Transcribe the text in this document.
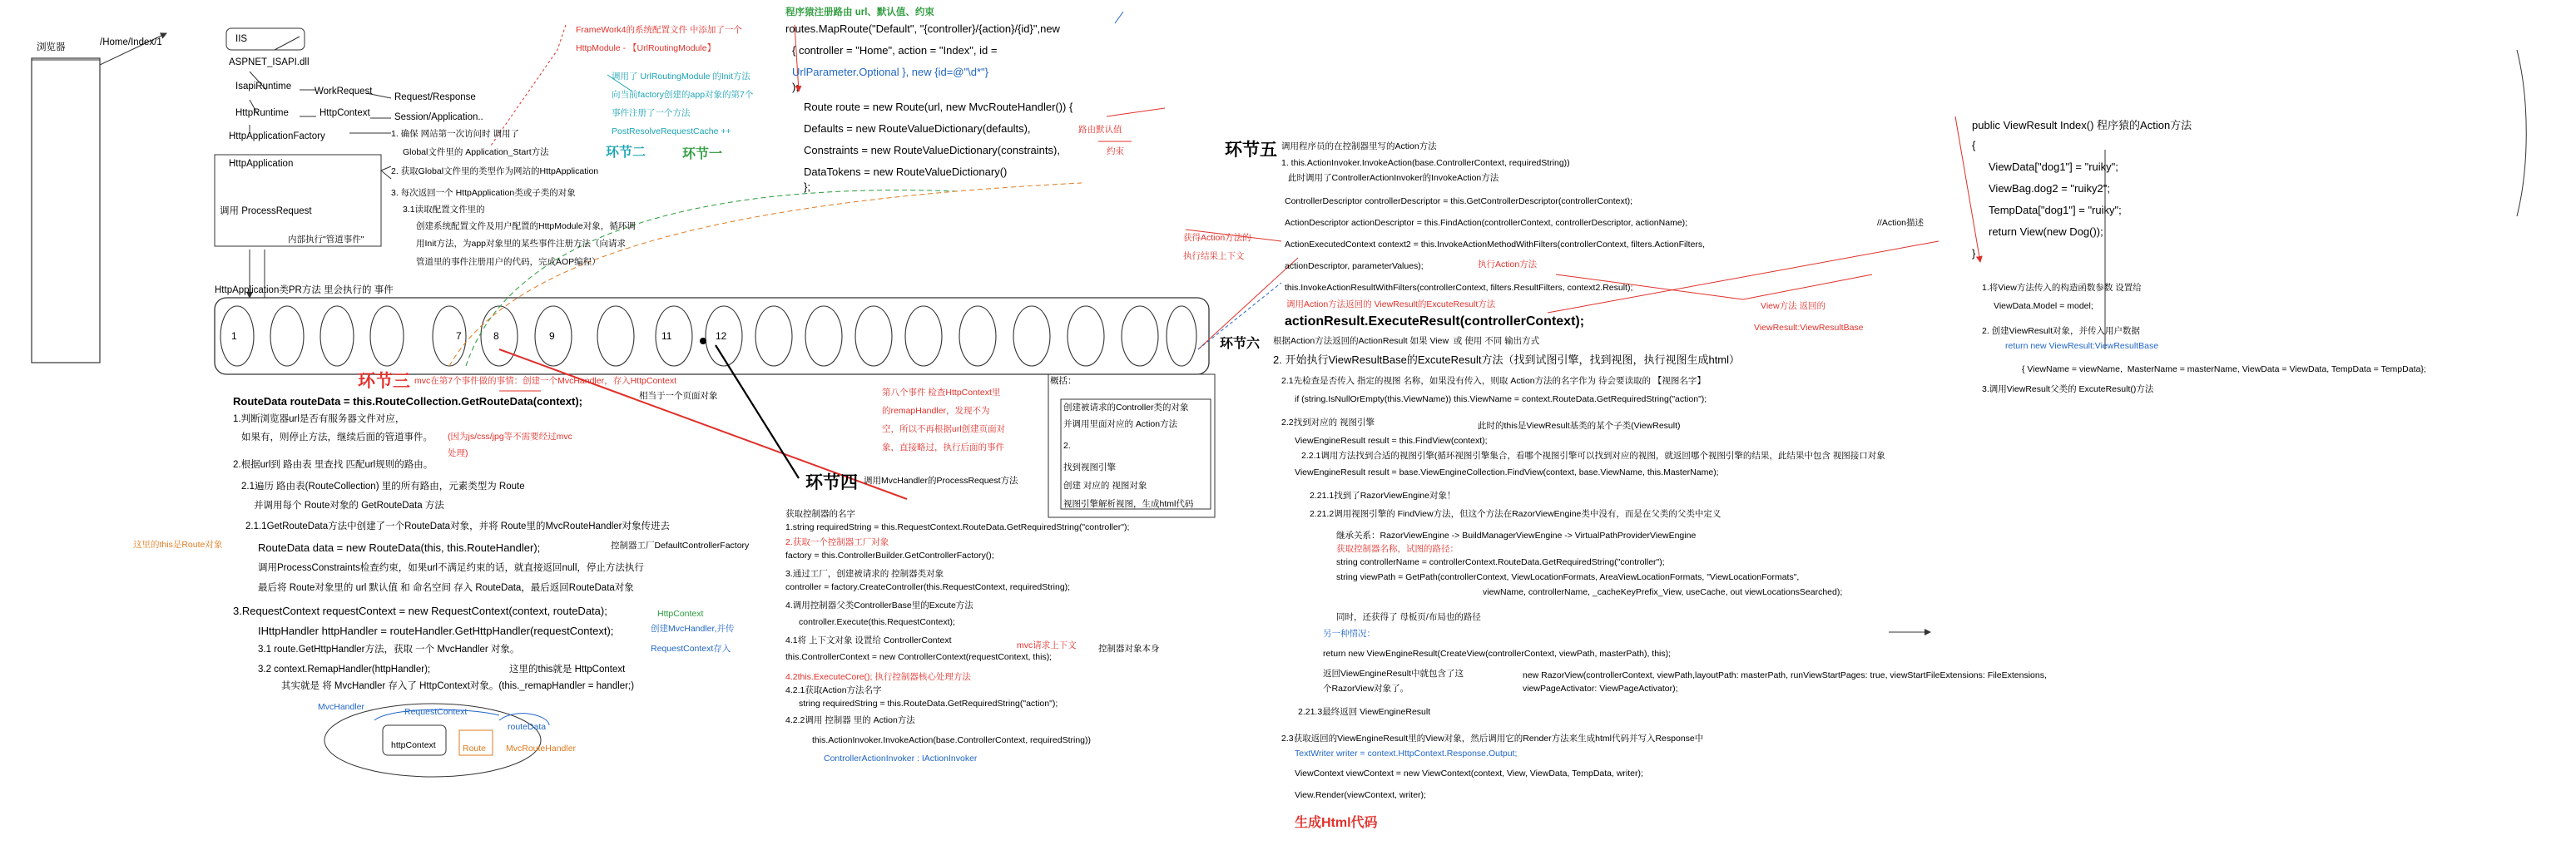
浏览器	/Home/Index/1	IIS
ASPNET_ISAPI.dll
IsapiRuntime WorkRequest
Request/Response
HttpRuntime	HttpContext	Session/Application..
HttpApplicationFactory	1. 确保 网站第一次访问时 调用了
Global文件里的 Application_Start方法
2. 获取Global文件里的类型作为网站的HttpApplication
3. 每次返回一个 HttpApplication类或子类的对象
3.1读取配置文件里的
创建系统配置文件及用户配置的HttpModule对象，循环调
用Init方法，为app对象里的某些事件注册方法（向请求
管道里的事件注册用户的代码，完成AOP编程）
HttpApplication
调用 ProcessRequest
内部执行"管道事件"
HttpApplication类PR方法 里会执行的 事件
1	7	8	9	11	12
FrameWork4的系统配置文件 中添加了一个
HttpModule - 【UrlRoutingModule】
调用了 UrlRoutingModule 的Init方法
向当前factory创建的app对象的第7个
事件注册了一个方法
PostResolveRequestCache ++
环节二	环节一
程序猿注册路由 url、默认值、约束
routes.MapRoute("Default", "{controller}/{action}/{id}",new
{ controller = "Home", action = "Index", id =
UrlParameter.Optional }, new {id=@"\d*"}
);
Route route = new Route(url, new MvcRouteHandler()) {
Defaults = new RouteValueDictionary(defaults),	路由默认值
Constraints = new RouteValueDictionary(constraints),	约束
DataTokens = new RouteValueDictionary()
};
环节三 mvc在第7个事件做的事情：创建一个MvcHandler，存入HttpContext
相当于一个页面对象
RouteData routeData = this.RouteCollection.GetRouteData(context);
1.判断浏览器url是否有服务器文件对应，
如果有，则停止方法，继续后面的管道事件。 (因为js/css/jpg等不需要经过mvc
处理)
2.根据url到 路由表 里查找 匹配url规则的路由。
2.1遍历 路由表(RouteCollection) 里的所有路由，元素类型为 Route
并调用每个 Route对象的 GetRouteData 方法
2.1.1GetRouteData方法中创建了一个RouteData对象，并将 Route里的MvcRouteHandler对象传进去
这里的this是Route对象	RouteData data = new RouteData(this, this.RouteHandler);	控制器工厂DefaultControllerFactory
调用ProcessConstraints检查约束，如果url不满足约束的话，就直接返回null，停止方法执行
最后将 Route对象里的 url 默认值 和 命名空间 存入 RouteData，最后返回RouteData对象
3.RequestContext requestContext = new RequestContext(context, routeData);	HttpContext
IHttpHandler httpHandler = routeHandler.GetHttpHandler(requestContext);	创建MvcHandler,并传
RequestContext存入
3.1 route.GetHttpHandler方法，获取 一个 MvcHandler 对象。
3.2 context.RemapHandler(httpHandler);	这里的this就是 HttpContext
其实就是 将 MvcHandler 存入了 HttpContext对象。(this._remapHandler = handler;)
MvcHandler	RequestContext
httpContext
routeData
Route MvcRouteHandler
环节四 调用MvcHandler的ProcessRequest方法
第八个事件 检查HttpContext里
的remapHandler，发现不为
空，所以不再根据url创建页面对
象，直接略过，执行后面的事件
获取控制器的名字
1.string requiredString = this.RequestContext.RouteData.GetRequiredString("controller");
2.获取一个控制器工厂对象
factory = this.ControllerBuilder.GetControllerFactory();
3.通过工厂，创建被请求的 控制器类对象
controller = factory.CreateController(this.RequestContext, requiredString);
4.调用控制器父类ControllerBase里的Excute方法
controller.Execute(this.RequestContext);
4.1将 上下文对象 设置给 ControllerContext
this.ControllerContext = new ControllerContext(requestContext, this);
mvc请求上下文	控制器对象本身
4.2this.ExecuteCore(); 执行控制器核心处理方法
4.2.1获取Action方法名字
string requiredString = this.RouteData.GetRequiredString("action");
4.2.2调用 控制器 里的 Action方法
this.ActionInvoker.InvokeAction(base.ControllerContext, requiredString))
ControllerActionInvoker : IActionInvoker
概括：
创建被请求的Controller类的对象
并调用里面对应的 Action方法
2.
找到视图引擎
创建 对应的 视图对象
视图引擎解析视图，生成html代码
环节五 调用程序员的在控制器里写的Action方法
1. this.ActionInvoker.InvokeAction(base.ControllerContext, requiredString))
此时调用了ControllerActionInvoker的InvokeAction方法
ControllerDescriptor controllerDescriptor = this.GetControllerDescriptor(controllerContext);
ActionDescriptor actionDescriptor = this.FindAction(controllerContext, controllerDescriptor, actionName);	//Action描述
ActionExecutedContext context2 = this.InvokeActionMethodWithFilters(controllerContext, filters.ActionFilters,
获得Action方法的
执行结果上下文
actionDescriptor, parameterValues);	执行Action方法
this.InvokeActionResultWithFilters(controllerContext, filters.ResultFilters, context2.Result);
调用Action方法返回的 ViewResult的ExcuteResult方法	View方法 返回的
ViewResult:ViewResultBase
actionResult.ExecuteResult(controllerContext);
环节六 根据Action方法返回的ActionResult 如果 View  或 使用 不同 输出方式
2. 开始执行ViewResultBase的ExcuteResult方法（找到试图引擎，找到视图，执行视图生成html）
2.1先检查是否传入 指定的视图 名称，如果没有传入，则取 Action方法的名字作为 待会要读取的 【视图名字】
if (string.IsNullOrEmpty(this.ViewName)) this.ViewName = context.RouteData.GetRequiredString("action");
2.2找到对应的 视图引擎	此时的this是ViewResult基类的某个子类(ViewResult)
ViewEngineResult result = this.FindView(context);
2.2.1调用方法找到合适的视图引擎(循环视图引擎集合，看哪个视图引擎可以找到对应的视图，就返回哪个视图引擎的结果，此结果中包含 视图接口对象
ViewEngineResult result = base.ViewEngineCollection.FindView(context, base.ViewName, this.MasterName);
2.21.1找到了RazorViewEngine对象！
2.21.2调用视图引擎的 FindView方法，但这个方法在RazorViewEngine类中没有，而是在父类的父类中定义
继承关系：RazorViewEngine -> BuildManagerViewEngine -> VirtualPathProviderViewEngine
获取控制器名称，试图的路径：
string controllerName = controllerContext.RouteData.GetRequiredString("controller");
string viewPath = GetPath(controllerContext, ViewLocationFormats, AreaViewLocationFormats, "ViewLocationFormats",
viewName, controllerName, _cacheKeyPrefix_View, useCache, out viewLocationsSearched);
同时，还获得了 母板页/布局也的路径
另一种情况：
return new ViewEngineResult(CreateView(controllerContext, viewPath, masterPath), this);
返回ViewEngineResult中就包含了这
个RazorView对象了。
new RazorView(controllerContext, viewPath,layoutPath: masterPath, runViewStartPages: true, viewStartFileExtensions: FileExtensions,
viewPageActivator: ViewPageActivator);
2.21.3最终返回 ViewEngineResult
2.3获取返回的ViewEngineResult里的View对象，然后调用它的Render方法来生成html代码并写入Response中
TextWriter writer = context.HttpContext.Response.Output;
ViewContext viewContext = new ViewContext(context, View, ViewData, TempData, writer);
View.Render(viewContext, writer);
生成Html代码
public ViewResult Index() 程序猿的Action方法
{
ViewData["dog1"] = "ruiky";
ViewBag.dog2 = "ruiky2";
TempData["dog1"] = "ruiky";
return View(new Dog());
}
1.将View方法传入的构造函数参数 设置给
ViewData.Model = model;
2. 创建ViewResult对象，并传入用户数据
return new ViewResult:ViewResultBase
{ ViewName = viewName,  MasterName = masterName, ViewData = ViewData, TempData = TempData};
3.调用ViewResult父类的 ExcuteResult()方法
